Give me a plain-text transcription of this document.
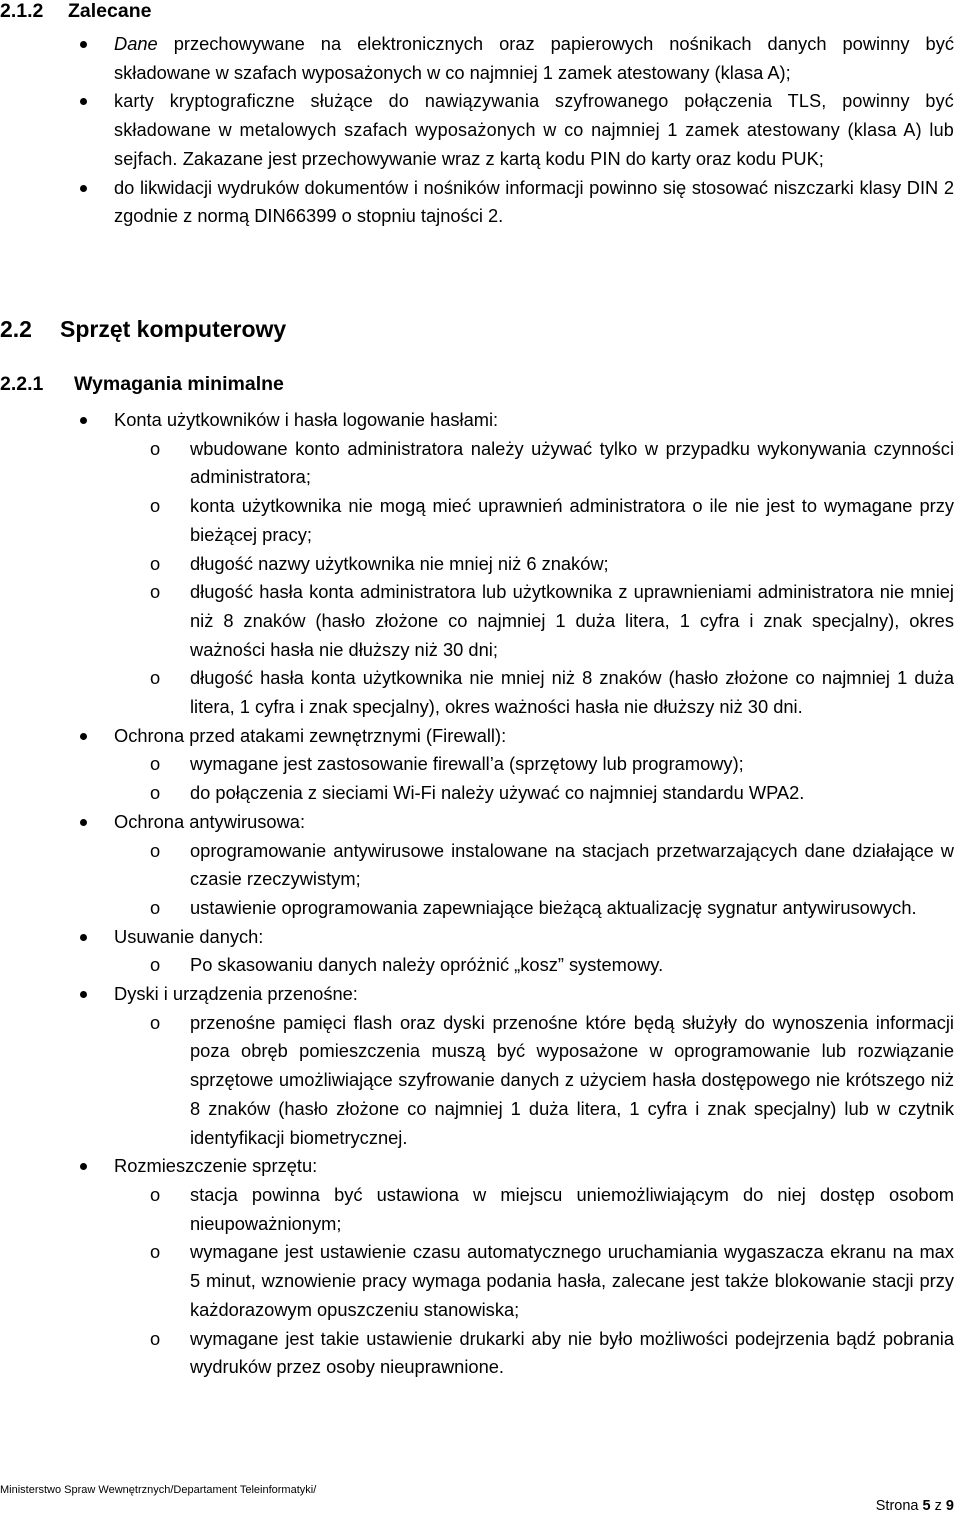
2.1.2 Zalecane
Dane przechowywane na elektronicznych oraz papierowych nośnikach danych powinny być składowane w szafach wyposażonych w co najmniej 1 zamek atestowany (klasa A);
karty kryptograficzne służące do nawiązywania szyfrowanego połączenia TLS, powinny być składowane w metalowych szafach wyposażonych w co najmniej 1 zamek atestowany (klasa A) lub sejfach. Zakazane jest przechowywanie wraz z kartą kodu PIN do karty oraz kodu PUK;
do likwidacji wydruków dokumentów i nośników informacji powinno się stosować niszczarki klasy DIN 2 zgodnie z normą DIN66399 o stopniu tajności 2.
2.2 Sprzęt komputerowy
2.2.1 Wymagania minimalne
Konta użytkowników i hasła logowanie hasłami:
o wbudowane konto administratora należy używać tylko w przypadku wykonywania czynności administratora;
o konta użytkownika nie mogą mieć uprawnień administratora o ile nie jest to wymagane przy bieżącej pracy;
o długość nazwy użytkownika nie mniej niż 6 znaków;
o długość hasła konta administratora lub użytkownika z uprawnieniami administratora nie mniej niż 8 znaków (hasło złożone co najmniej 1 duża litera, 1 cyfra i znak specjalny), okres ważności hasła nie dłuższy niż 30 dni;
o długość hasła konta użytkownika nie mniej niż 8 znaków (hasło złożone co najmniej 1 duża litera, 1 cyfra i znak specjalny), okres ważności hasła nie dłuższy niż 30 dni.
Ochrona przed atakami zewnętrznymi (Firewall):
o wymagane jest zastosowanie firewall’a (sprzętowy lub programowy);
o do połączenia z sieciami Wi-Fi należy używać co najmniej standardu WPA2.
Ochrona antywirusowa:
o oprogramowanie antywirusowe instalowane na stacjach przetwarzających dane działające w czasie rzeczywistym;
o ustawienie oprogramowania zapewniające bieżącą aktualizację sygnatur antywirusowych.
Usuwanie danych:
o Po skasowaniu danych należy opróżnić „kosz” systemowy.
Dyski i urządzenia przenośne:
o przenośne pamięci flash oraz dyski przenośne które będą służyły do wynoszenia informacji poza obręb pomieszczenia muszą być wyposażone w oprogramowanie lub rozwiązanie sprzętowe umożliwiające szyfrowanie danych z użyciem hasła dostępowego nie krótszego niż 8 znaków (hasło złożone co najmniej 1 duża litera, 1 cyfra i znak specjalny) lub w czytnik identyfikacji biometrycznej.
Rozmieszczenie sprzętu:
o stacja powinna być ustawiona w miejscu uniemożliwiającym do niej dostęp osobom nieupoważnionym;
o wymagane jest ustawienie czasu automatycznego uruchamiania wygaszacza ekranu na max 5 minut, wznowienie pracy wymaga podania hasła, zalecane jest także blokowanie stacji przy każdorazowym opuszczeniu stanowiska;
o wymagane jest takie ustawienie drukarki aby nie było możliwości podejrzenia bądź pobrania wydruków przez osoby nieuprawnione.
Ministerstwo Spraw Wewnętrznych/Departament Teleinformatyki/
Strona 5 z 9
